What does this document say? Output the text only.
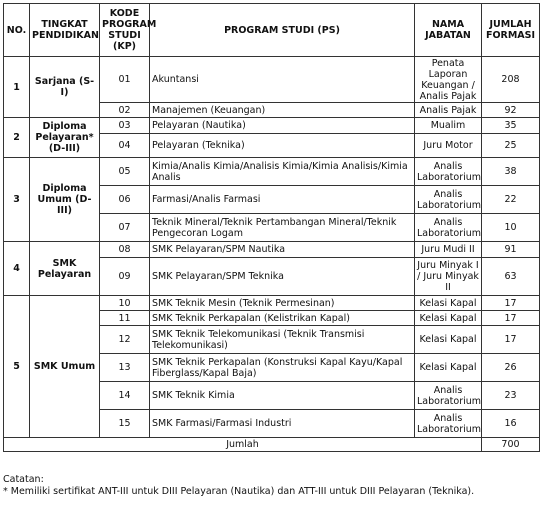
NO.	TINGKAT PENDIDIKAN	KODE PROGRAM STUDI (KP)	PROGRAM STUDI (PS)	NAMA JABATAN	JUMLAH FORMASI
1	Sarjana (S-I)	01	Akuntansi	Penata Laporan Keuangan / Analis Pajak	208
		02	Manajemen (Keuangan)	Analis Pajak	92
2	Diploma Pelayaran* (D-III)	03	Pelayaran (Nautika)	Mualim	35
		04	Pelayaran (Teknika)	Juru Motor	25
3	Diploma Umum (D-III)	05	Kimia/Analis Kimia/Analisis Kimia/Kimia Analisis/Kimia Analis	Analis Laboratorium	38
		06	Farmasi/Analis Farmasi	Analis Laboratorium	22
		07	Teknik Mineral/Teknik Pertambangan Mineral/Teknik Pengecoran Logam	Analis Laboratorium	10
4	SMK Pelayaran	08	SMK Pelayaran/SPM Nautika	Juru Mudi II	91
		09	SMK Pelayaran/SPM Teknika	Juru Minyak I / Juru Minyak II	63
5	SMK Umum	10	SMK Teknik Mesin (Teknik Permesinan)	Kelasi Kapal	17
		11	SMK Teknik Perkapalan (Kelistrikan Kapal)	Kelasi Kapal	17
		12	SMK Teknik Telekomunikasi (Teknik Transmisi Telekomunikasi)	Kelasi Kapal	17
		13	SMK Teknik Perkapalan (Konstruksi Kapal Kayu/Kapal Fiberglass/Kapal Baja)	Kelasi Kapal	26
		14	SMK Teknik Kimia	Analis Laboratorium	23
		15	SMK Farmasi/Farmasi Industri	Analis Laboratorium	16
Jumlah					700
Catatan:
* Memiliki sertifikat ANT-III untuk DIII Pelayaran (Nautika) dan ATT-III untuk DIII Pelayaran (Teknika).
